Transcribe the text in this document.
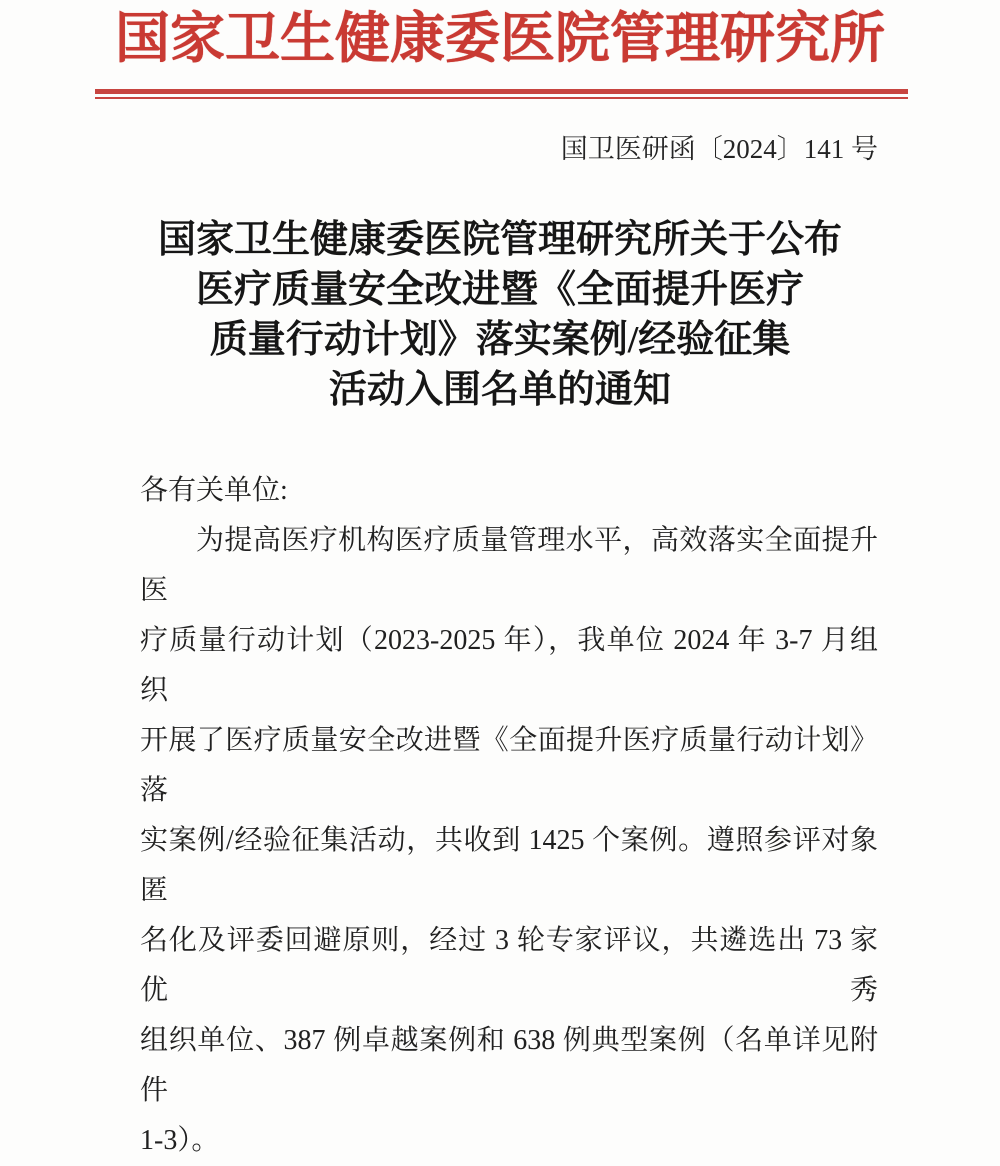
国家卫生健康委医院管理研究所
国卫医研函〔2024〕141 号
国家卫生健康委医院管理研究所关于公布
医疗质量安全改进暨《全面提升医疗
质量行动计划》落实案例/经验征集
活动入围名单的通知
各有关单位:
为提高医疗机构医疗质量管理水平，高效落实全面提升医
疗质量行动计划（2023-2025 年），我单位 2024 年 3-7 月组织
开展了医疗质量安全改进暨《全面提升医疗质量行动计划》落
实案例/经验征集活动，共收到 1425 个案例。遵照参评对象匿
名化及评委回避原则，经过 3 轮专家评议，共遴选出 73 家优秀
组织单位、387 例卓越案例和 638 例典型案例（名单详见附件
1-3）。
